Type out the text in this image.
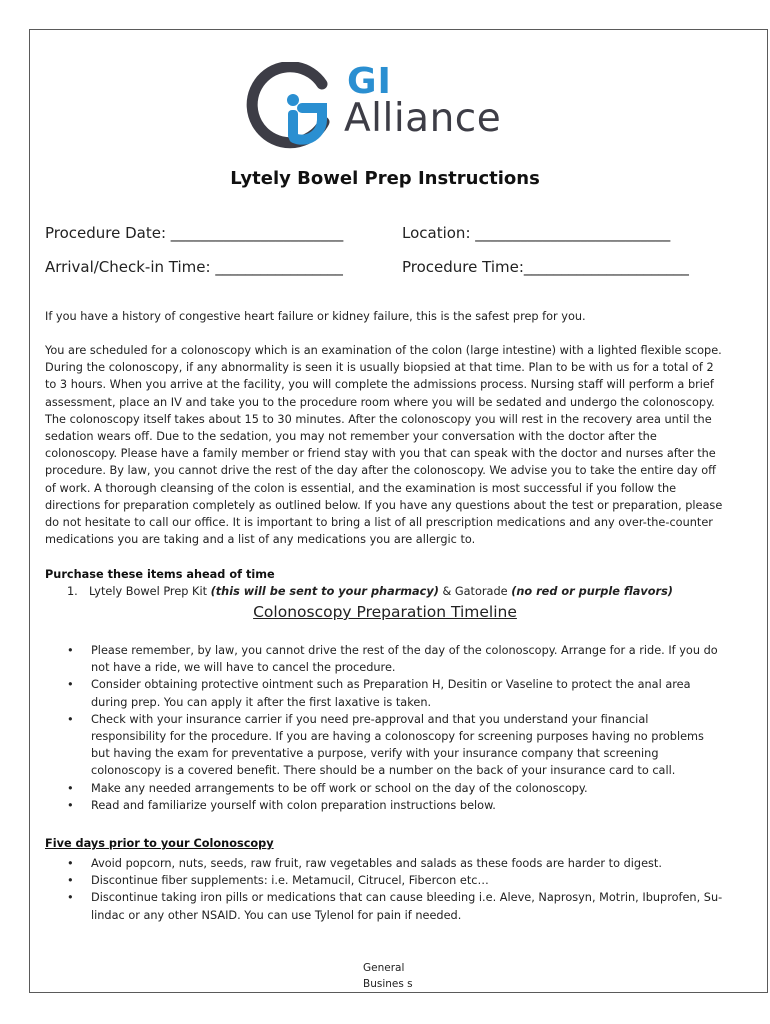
GI
Alliance
Lytely Bowel Prep Instructions
Procedure Date: _______________________	Location: __________________________
Arrival/Check-in Time: _________________	Procedure Time:______________________
If you have a history of congestive heart failure or kidney failure, this is the safest prep for you.
You are scheduled for a colonoscopy which is an examination of the colon (large intestine) with a lighted flexible scope. During the colonoscopy, if any abnormality is seen it is usually biopsied at that time. Plan to be with us for a total of 2 to 3 hours. When you arrive at the facility, you will complete the admissions process. Nursing staff will perform a brief assessment, place an IV and take you to the procedure room where you will be sedated and undergo the colonoscopy. The colonoscopy itself takes about 15 to 30 minutes. After the colonoscopy you will rest in the recovery area until the sedation wears off. Due to the sedation, you may not remember your conversation with the doctor after the colonoscopy. Please have a family member or friend stay with you that can speak with the doctor and nurses after the procedure. By law, you cannot drive the rest of the day after the colonoscopy. We advise you to take the entire day off of work. A thorough cleansing of the colon is essential, and the examination is most successful if you follow the directions for preparation completely as outlined below. If you have any questions about the test or preparation, please do not hesitate to call our office. It is important to bring a list of all prescription medications and any over-the-counter medications you are taking and a list of any medications you are allergic to.
Purchase these items ahead of time
1. Lytely Bowel Prep Kit (this will be sent to your pharmacy) & Gatorade (no red or purple flavors)
Colonoscopy Preparation Timeline
• Please remember, by law, you cannot drive the rest of the day of the colonoscopy. Arrange for a ride. If you do not have a ride, we will have to cancel the procedure.
• Consider obtaining protective ointment such as Preparation H, Desitin or Vaseline to protect the anal area during prep. You can apply it after the first laxative is taken.
• Check with your insurance carrier if you need pre-approval and that you understand your financial responsibility for the procedure. If you are having a colonoscopy for screening purposes having no problems but having the exam for preventative a purpose, verify with your insurance company that screening colonoscopy is a covered benefit. There should be a number on the back of your insurance card to call.
• Make any needed arrangements to be off work or school on the day of the colonoscopy.
• Read and familiarize yourself with colon preparation instructions below.
Five days prior to your Colonoscopy
• Avoid popcorn, nuts, seeds, raw fruit, raw vegetables and salads as these foods are harder to digest.
• Discontinue fiber supplements: i.e. Metamucil, Citrucel, Fibercon etc…
• Discontinue taking iron pills or medications that can cause bleeding i.e. Aleve, Naprosyn, Motrin, Ibuprofen, Su-lindac or any other NSAID. You can use Tylenol for pain if needed.
General Busines s
